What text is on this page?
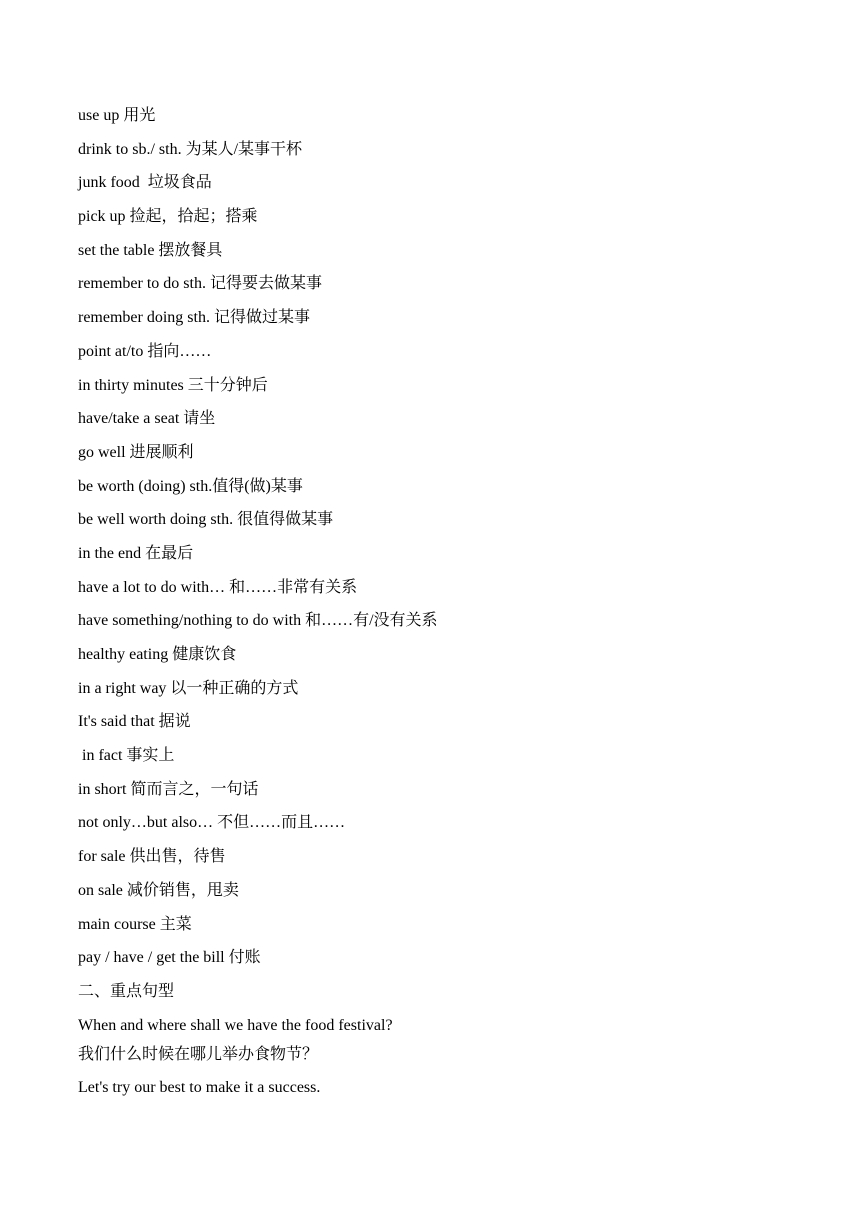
use up 用光
drink to sb./ sth. 为某人/某事干杯
junk food  垃圾食品
pick up 捡起，拾起；搭乘
set the table 摆放餐具
remember to do sth. 记得要去做某事
remember doing sth. 记得做过某事
point at/to 指向……
in thirty minutes 三十分钟后
have/take a seat 请坐
go well 进展顺利
be worth (doing) sth.值得(做)某事
be well worth doing sth. 很值得做某事
in the end 在最后
have a lot to do with… 和……非常有关系
have something/nothing to do with 和……有/没有关系
healthy eating 健康饮食
in a right way 以一种正确的方式
It's said that 据说
in fact 事实上
in short 简而言之，一句话
not only…but also… 不但……而且……
for sale 供出售，待售
on sale 减价销售，甩卖
main course 主菜
pay / have / get the bill 付账
二、重点句型
When and where shall we have the food festival?
我们什么时候在哪儿举办食物节？
Let's try our best to make it a success.
